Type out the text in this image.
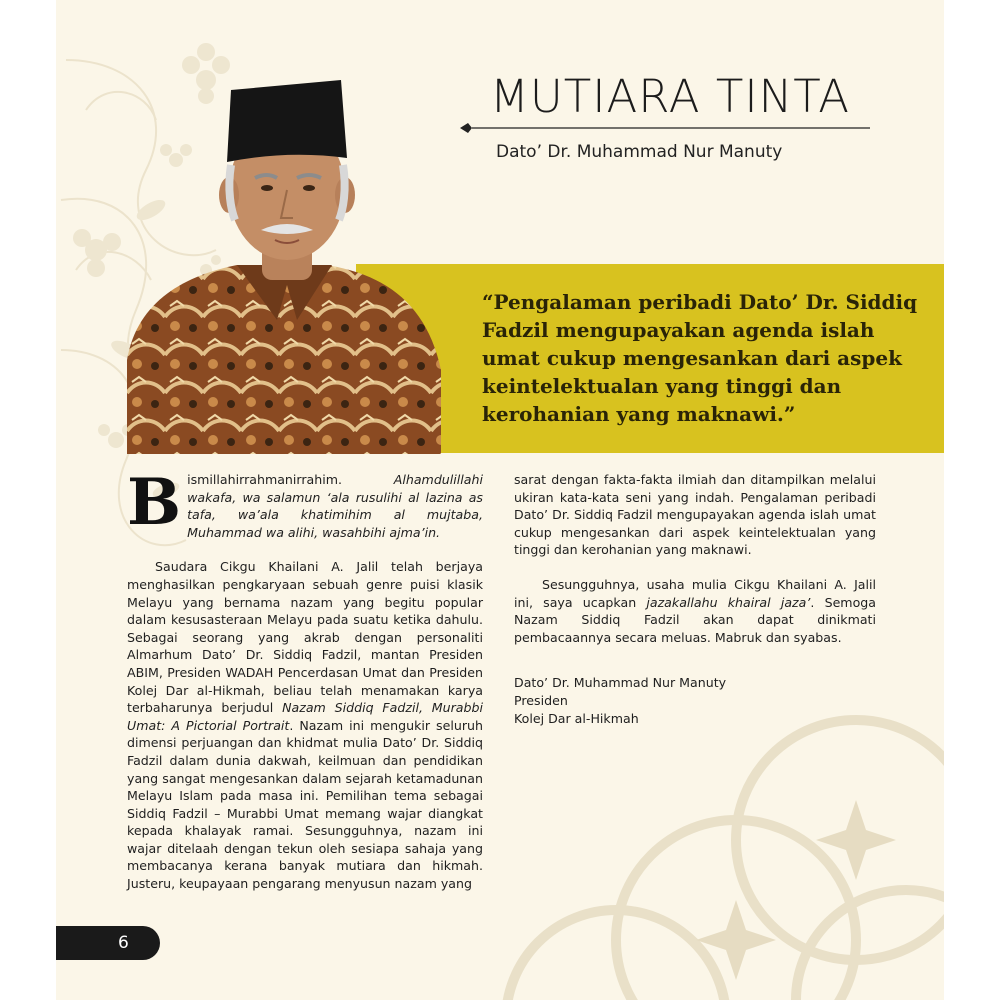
MUTIARA TINTA
Dato’ Dr. Muhammad Nur Manuty

“Pengalaman peribadi Dato’ Dr. Siddiq Fadzil mengupayakan agenda islah umat cukup mengesankan dari aspek keintelektualan yang tinggi dan kerohanian yang maknawi.”

Bismillahirrahmanirrahim. Alhamdulillahi wakafa, wa salamun ‘ala rusulihi al lazina as tafa, wa’ala khatimihim al mujtaba, Muhammad wa alihi, wasahbihi ajma’in.

Saudara Cikgu Khailani A. Jalil telah berjaya menghasilkan pengkaryaan sebuah genre puisi klasik Melayu yang bernama nazam yang begitu popular dalam kesusasteraan Melayu pada suatu ketika dahulu. Sebagai seorang yang akrab dengan personaliti Almarhum Dato’ Dr. Siddiq Fadzil, mantan Presiden ABIM, Presiden WADAH Pencerdasan Umat dan Presiden Kolej Dar al-Hikmah, beliau telah menamakan karya terbaharunya berjudul Nazam Siddiq Fadzil, Murabbi Umat: A Pictorial Portrait. Nazam ini mengukir seluruh dimensi perjuangan dan khidmat mulia Dato’ Dr. Siddiq Fadzil dalam dunia dakwah, keilmuan dan pendidikan yang sangat mengesankan dalam sejarah ketamadunan Melayu Islam pada masa ini. Pemilihan tema sebagai Siddiq Fadzil – Murabbi Umat memang wajar diangkat kepada khalayak ramai. Sesungguhnya, nazam ini wajar ditelaah dengan tekun oleh sesiapa sahaja yang membacanya kerana banyak mutiara dan hikmah. Justeru, keupayaan pengarang menyusun nazam yang

sarat dengan fakta-fakta ilmiah dan ditampilkan melalui ukiran kata-kata seni yang indah. Pengalaman peribadi Dato’ Dr. Siddiq Fadzil mengupayakan agenda islah umat cukup mengesankan dari aspek keintelektualan yang tinggi dan kerohanian yang maknawi.

Sesungguhnya, usaha mulia Cikgu Khailani A. Jalil ini, saya ucapkan jazakallahu khairal jaza’. Semoga Nazam Siddiq Fadzil akan dapat dinikmati pembacaannya secara meluas. Mabruk dan syabas.

Dato’ Dr. Muhammad Nur Manuty
Presiden
Kolej Dar al-Hikmah
6
